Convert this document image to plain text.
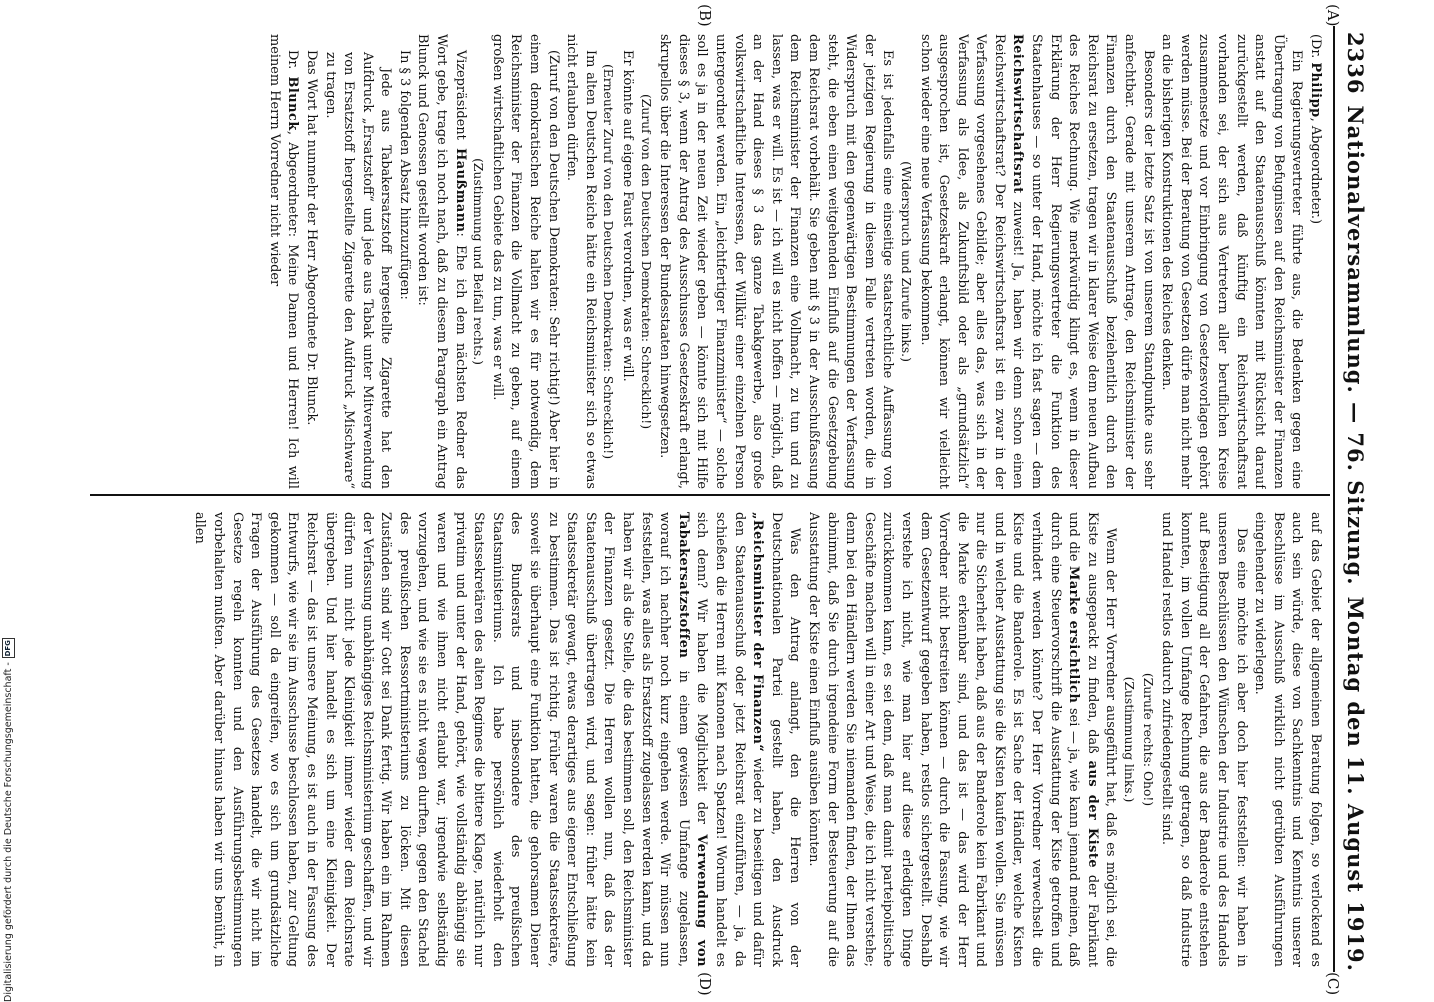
2336
Nationalversammlung. — 76. Sitzung.
Montag den 11. August 1919.
(A)
(B)
(C)
(D)

(Dr. Philipp, Abgeordneter.)

Ein Regierungsvertreter führte aus, die Bedenken gegen eine Übertragung von Befugnissen auf den Reichsminister der Finanzen anstatt auf den Staatenausschuß könnten mit Rücksicht darauf zurückgestellt werden, daß künftig ein Reichswirtschaftsrat vorhanden sei, der sich aus Vertretern aller beruflichen Kreise zusammensetze und vor Einbringung von Gesetzesvorlagen gehört werden müsse. Bei der Beratung von Gesetzen dürfe man nicht mehr an die bisherigen Konstruktionen des Reiches denken.

Besonders der letzte Satz ist von unserem Standpunkte aus sehr anfechtbar. Gerade mit unserem Antrage, den Reichsminister der Finanzen durch den Staatenausschuß beziehentlich durch den Reichsrat zu ersetzen, tragen wir in klarer Weise dem neuen Aufbau des Reiches Rechnung. Wie merkwürdig klingt es, wenn in dieser Erklärung der Herr Regierungsvertreter die Funktion des Staatenhauses — so unter der Hand, möchte ich fast sagen — dem Reichswirtschaftsrat zuweist! Ja, haben wir denn schon einen Reichswirtschaftsrat? Der Reichswirtschaftsrat ist ein zwar in der Verfassung vorgesehenes Gebilde; aber alles das, was sich in der Verfassung als Idee, als Zukunftsbild oder als „grundsätzlich“ ausgesprochen ist, Gesetzeskraft erlangt, können wir vielleicht schon wieder eine neue Verfassung bekommen.

(Widerspruch und Zurufe links.)

Es ist jedenfalls eine einseitige staatsrechtliche Auffassung von der jetzigen Regierung in diesem Falle vertreten worden, die in Widerspruch mit den gegenwärtigen Bestimmungen der Verfassung steht, die eben einen weitgehenden Einfluß auf die Gesetzgebung dem Reichsrat vorbehält. Sie geben mit § 3 in der Ausschußfassung dem Reichsminister der Finanzen eine Vollmacht, zu tun und zu lassen, was er will. Es ist — ich will es nicht hoffen — möglich, daß an der Hand dieses § 3 das ganze Tabakgewerbe, also große volkswirtschaftliche Interessen, der Willkür einer einzelnen Person untergeordnet werden. Ein „leichtfertiger Finanzminister“ — solche soll es ja in der neuen Zeit wieder geben — könnte sich mit Hilfe dieses § 3, wenn der Antrag des Ausschusses Gesetzeskraft erlangt, skrupellos über die Interessen der Bundesstaaten hinwegsetzen.

(Zuruf von den Deutschen Demokraten: Schrecklich!)

Er könnte auf eigene Faust verordnen, was er will.

(Erneuter Zuruf von den Deutschen Demokraten: Schrecklich!)

Im alten Deutschen Reiche hätte ein Reichsminister sich so etwas nicht erlauben dürfen.

(Zuruf von den Deutschen Demokraten: Sehr richtig!) Aber hier in einem demokratischen Reiche halten wir es für notwendig, dem Reichsminister der Finanzen die Vollmacht zu geben, auf einem großen wirtschaftlichen Gebiete das zu tun, was er will.

(Zustimmung und Beifall rechts.)

Vizepräsident Haußmann: Ehe ich dem nächsten Redner das Wort gebe, trage ich noch nach, daß zu diesem Paragraph ein Antrag Blunck und Genossen gestellt worden ist:

In § 3 folgenden Absatz hinzuzufügen:

Jede aus Tabakersatzstoff hergestellte Zigarette hat den Aufdruck „Ersatzstoff“ und jede aus Tabak unter Mitverwendung von Ersatzstoff hergestellte Zigarette den Aufdruck „Mischware“ zu tragen.

Das Wort hat nunmehr der Herr Abgeordnete Dr. Blunck.

Dr. Blunck, Abgeordneter: Meine Damen und Herren! Ich will meinem Herrn Vorredner nicht wieder

auf das Gebiet der allgemeinen Beratung folgen, so verlockend es auch sein würde, diese von Sachkenntnis und Kenntnis unserer Beschlüsse im Ausschuß wirklich nicht getrübten Ausführungen eingehender zu widerlegen.

Das eine möchte ich aber doch hier feststellen: wir haben in unseren Beschlüssen den Wünschen der Industrie und des Handels auf Beseitigung all der Gefahren, die aus der Banderole entstehen konnten, im vollen Umfange Rechnung getragen, so daß Industrie und Handel restlos dadurch zufriedengestellt sind.

(Zurufe rechts: Oho!)

(Zustimmung links.)

Wenn der Herr Vorredner ausgeführt hat, daß es möglich sei, die Kiste zu ausgepackt zu finden, daß aus der Kiste der Fabrikant und die Marke ersichtlich sei — ja, wie kann jemand meinen, daß durch eine Steuervorschrift die Ausstattung der Kiste getroffen und verhindert werden könnte? Der Herr Vorredner verwechselt die Kiste und die Banderole. Es ist Sache der Händler, welche Kisten und in welcher Ausstattung sie die Kisten kaufen wollen. Sie müssen nur die Sicherheit haben, daß aus der Banderole kein Fabrikant und die Marke erkennbar sind, und das ist — das wird der Herr Vorredner nicht bestreiten können — durch die Fassung, wie wir dem Gesetzentwurf gegeben haben, restlos sichergestellt. Deshalb verstehe ich nicht, wie man hier auf diese erledigten Dinge zurückkommen kann, es sei denn, daß man damit parteipolitische Geschäfte machen will in einer Art und Weise, die ich nicht verstehe; denn bei den Händlern werden Sie niemanden finden, der Ihnen das abnimmt, daß Sie durch irgendeine Form der Besteuerung auf die Ausstattung der Kiste einen Einfluß ausüben könnten.

Was den Antrag anlangt, den die Herren von der Deutschnationalen Partei gestellt haben, den Ausdruck „Reichsminister der Finanzen“ wieder zu beseitigen und dafür den Staatenausschuß oder jetzt Reichsrat einzuführen, — ja, da schießen die Herren mit Kanonen nach Spatzen! Worum handelt es sich denn? Wir haben die Möglichkeit der Verwendung von Tabakersatzstoffen in einem gewissen Umfange zugelassen, worauf ich nachher noch kurz eingehen werde. Wir müssen nun feststellen, was alles als Ersatzstoff zugelassen werden kann, und da haben wir als die Stelle, die das bestimmen soll, den Reichsminister der Finanzen gesetzt. Die Herren wollen nun, daß das der Staatenausschuß übertragen wird, und sagen: früher hätte kein Staatssekretär gewagt, etwas derartiges aus eigener Entschließung zu bestimmen. Das ist richtig. Früher waren die Staatssekretäre, soweit sie überhaupt eine Funktion hatten, die gehorsamen Diener des Bundesrats und insbesondere des preußischen Staatsministeriums. Ich habe persönlich wiederholt den Staatssekretären des alten Regimes die bittere Klage, natürlich nur privatim und unter der Hand, gehört, wie vollständig abhängig sie waren und wie ihnen nicht erlaubt war, irgendwie selbständig vorzugehen, und wie sie es nicht wagen durften, gegen den Stachel des preußischen Ressortministeriums zu löcken. Mit diesen Zuständen sind wir Gott sei Dank fertig. Wir haben ein im Rahmen der Verfassung unabhängiges Reichsministerium geschaffen, und wir dürfen nun nicht jede Kleinigkeit immer wieder dem Reichsrate übergeben. Und hier handelt es sich um eine Kleinigkeit. Der Reichsrat — das ist unsere Meinung, es ist auch in der Fassung des Entwurfs, wie wir sie im Ausschusse beschlossen haben, zur Geltung gekommen — soll da eingreifen, wo es sich um grundsätzliche Fragen der Ausführung des Gesetzes handelt, die wir nicht im Gesetze regeln konnten und den Ausführungsbestimmungen vorbehalten mußten. Aber darüber hinaus haben wir uns bemüht, in allen

Digitalisierung gefördert durch die Deutsche Forschungsgemeinschaft -
DFG
